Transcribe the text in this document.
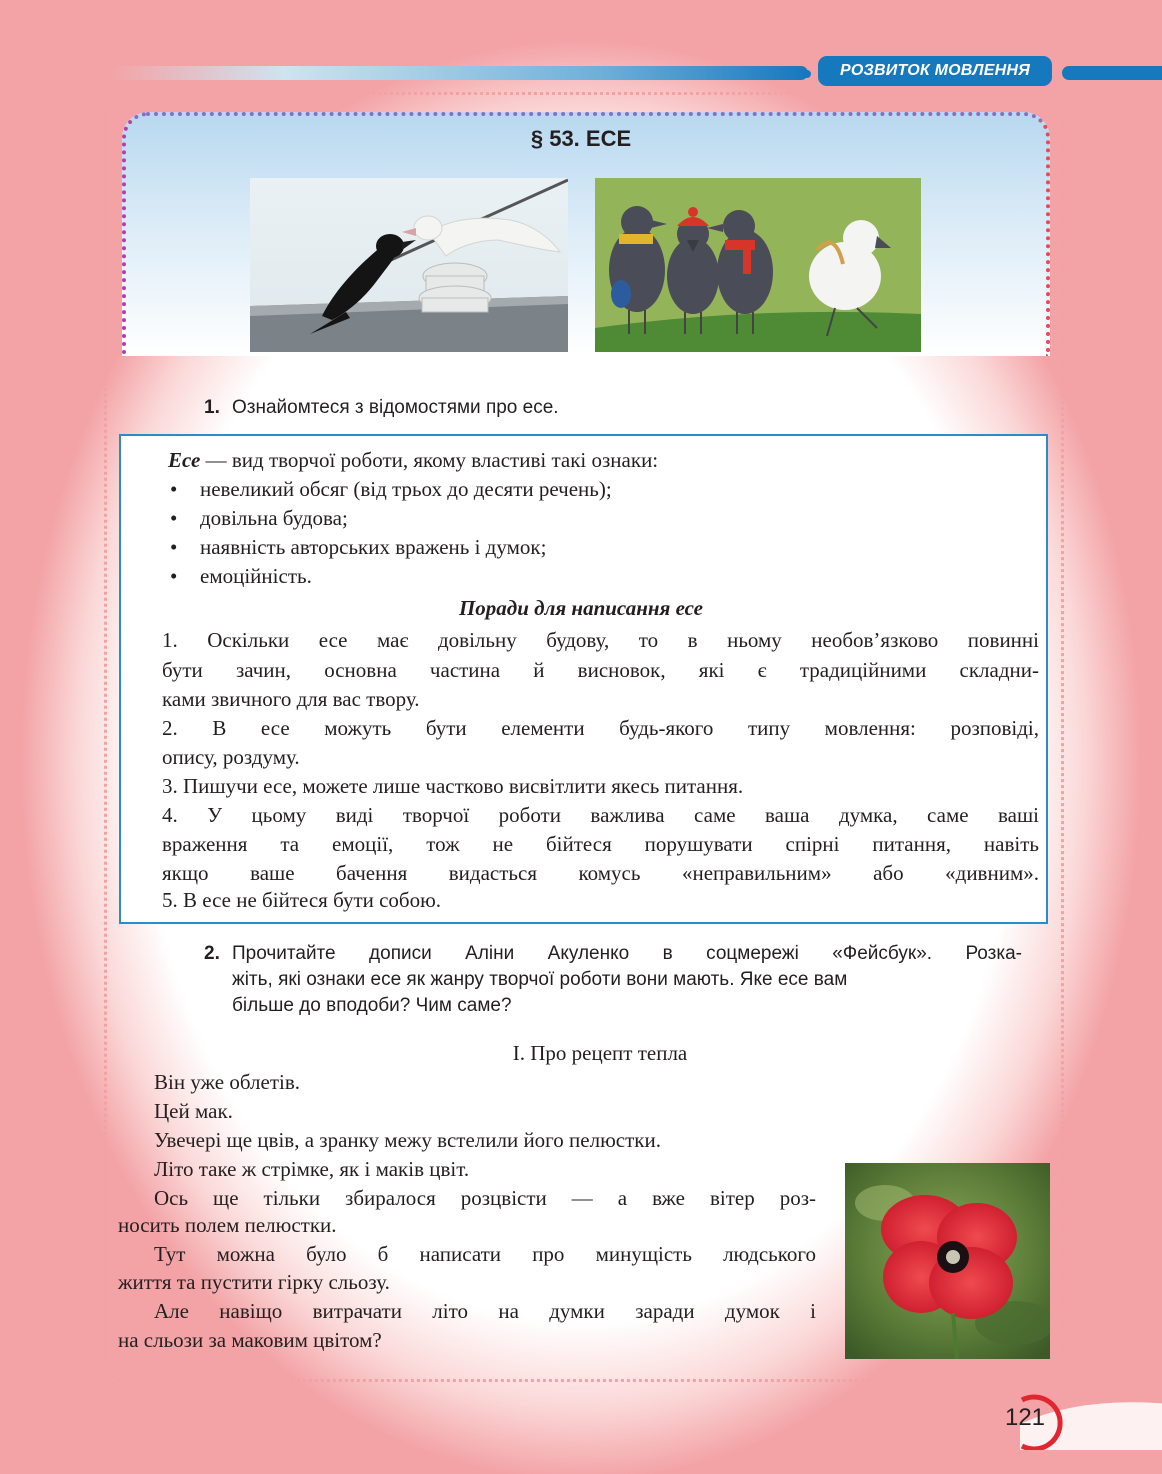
РОЗВИТОК МОВЛЕННЯ
§ 53. ЕСЕ
1. Ознайомтеся з відомостями про есе.
Есе — вид творчої роботи, якому властиві такі ознаки:
• невеликий обсяг (від трьох до десяти речень);
• довільна будова;
• наявність авторських вражень і думок;
• емоційність.
Поради для написання есе
1. Оскільки есе має довільну будову, то в ньому необов’язково повинні
бути зачин, основна частина й висновок, які є традиційними складни-
ками звичного для вас твору.
2. В есе можуть бути елементи будь-якого типу мовлення: розповіді,
опису, роздуму.
3. Пишучи есе, можете лише частково висвітлити якесь питання.
4. У цьому виді творчої роботи важлива саме ваша думка, саме ваші
враження та емоції, тож не бійтеся порушувати спірні питання, навіть
якщо ваше бачення видасться комусь «неправильним» або «дивним».
5. В есе не бійтеся бути собою.
2. Прочитайте дописи Аліни Акуленко в соцмережі «Фейсбук». Розка-
жіть, які ознаки есе як жанру творчої роботи вони мають. Яке есе вам
більше до вподоби? Чим саме?
І. Про рецепт тепла
Він уже облетів.
Цей мак.
Увечері ще цвів, а зранку межу встелили його пелюстки.
Літо таке ж стрімке, як і маків цвіт.
Ось ще тільки збиралося розцвісти — а вже вітер роз-
носить полем пелюстки.
Тут можна було б написати про минущість людського
життя та пустити гірку сльозу.
Але навіщо витрачати літо на думки заради думок і
на сльози за маковим цвітом?
121
